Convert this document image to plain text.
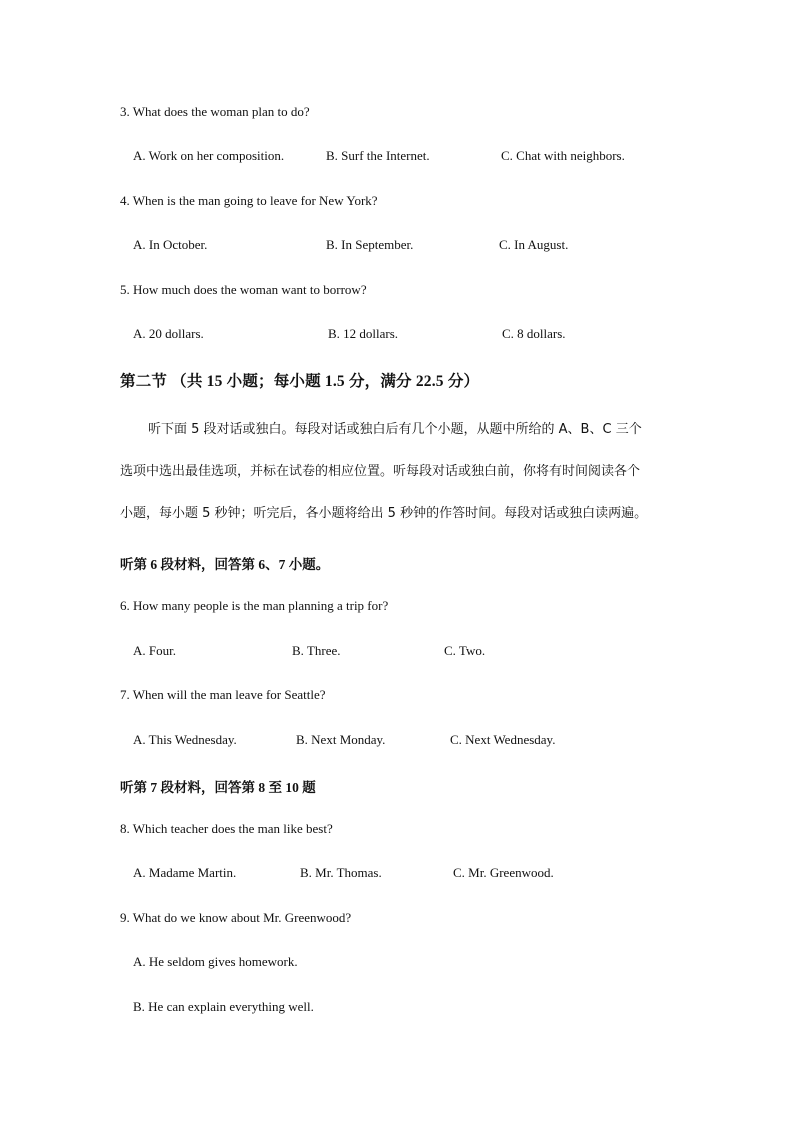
3. What does the woman plan to do?
A. Work on her composition.	B. Surf the Internet.	C. Chat with neighbors.
4. When is the man going to leave for New York?
A. In October.	B. In September.	C. In August.
5. How much does the woman want to borrow?
A. 20 dollars.	B. 12 dollars.	C. 8 dollars.
第二节 （共 15 小题；每小题 1.5 分，满分 22.5 分）
听下面 5 段对话或独白。每段对话或独白后有几个小题，从题中所给的 A、B、C 三个
选项中选出最佳选项，并标在试卷的相应位置。听每段对话或独白前，你将有时间阅读各个
小题，每小题 5 秒钟；听完后，各小题将给出 5 秒钟的作答时间。每段对话或独白读两遍。
听第 6 段材料，回答第 6、7 小题。
6. How many people is the man planning a trip for?
A. Four.	B. Three.	C. Two.
7. When will the man leave for Seattle?
A. This Wednesday.	B. Next Monday.	C. Next Wednesday.
听第 7 段材料，回答第 8 至 10 题
8. Which teacher does the man like best?
A. Madame Martin.	B. Mr. Thomas.	C. Mr. Greenwood.
9. What do we know about Mr. Greenwood?
A. He seldom gives homework.
B. He can explain everything well.
